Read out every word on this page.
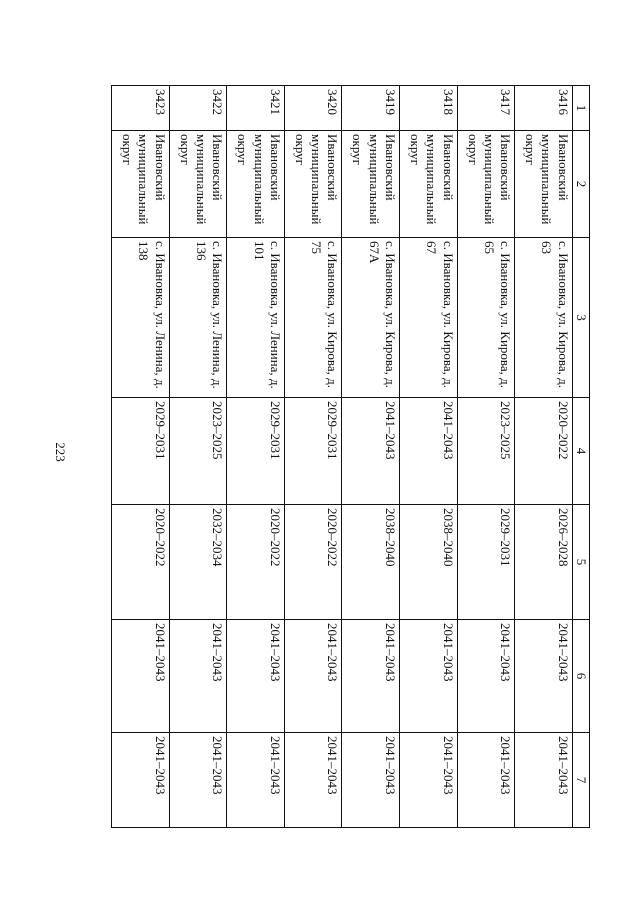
223
1	2	3	4	5	6	7
3416	Ивановский муниципальный округ	с. Ивановка, ул. Кирова, д. 63	2020–2022	2026–2028	2041–2043	2041–2043
3417	Ивановский муниципальный округ	с. Ивановка, ул. Кирова, д. 65	2023–2025	2029–2031	2041–2043	2041–2043
3418	Ивановский муниципальный округ	с. Ивановка, ул. Кирова, д. 67	2041–2043	2038–2040	2041–2043	2041–2043
3419	Ивановский муниципальный округ	с. Ивановка, ул. Кирова, д. 67А	2041–2043	2038–2040	2041–2043	2041–2043
3420	Ивановский муниципальный округ	с. Ивановка, ул. Кирова, д. 75	2029–2031	2020–2022	2041–2043	2041–2043
3421	Ивановский муниципальный округ	с. Ивановка, ул. Ленина, д. 101	2029–2031	2020–2022	2041–2043	2041–2043
3422	Ивановский муниципальный округ	с. Ивановка, ул. Ленина, д. 136	2023–2025	2032–2034	2041–2043	2041–2043
3423	Ивановский муниципальный округ	с. Ивановка, ул. Ленина, д. 138	2029–2031	2020–2022	2041–2043	2041–2043
